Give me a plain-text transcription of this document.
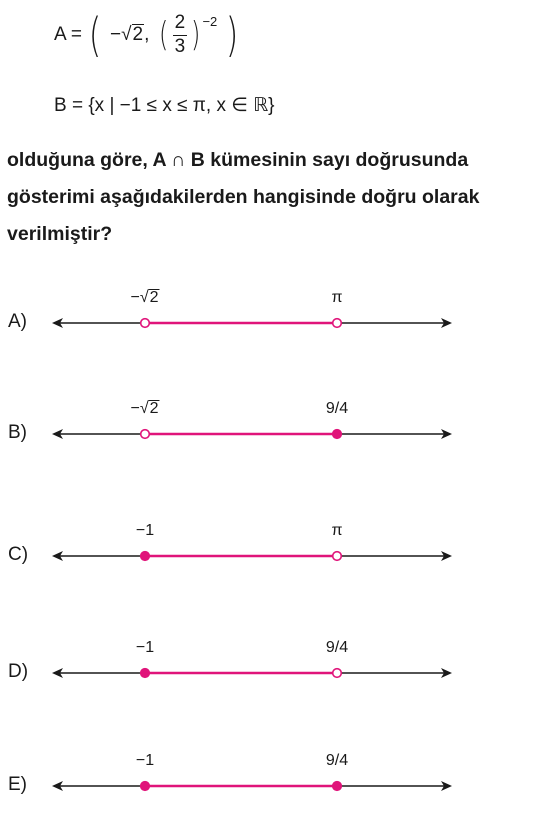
A = ( − √2 , ( $\frac{2}{3} )^{-2}$ )
B = {x | −1 ≤ x ≤ π, x ∈ ℝ}
olduğuna göre, A ∩ B kümesinin sayı doğrusunda gösterimi aşağıdakilerden hangisinde doğru olarak verilmiştir?
A)
−√2	π
B)
−√2	9/4
C)
−1	π
D)
−1	9/4
E)
−1	9/4
